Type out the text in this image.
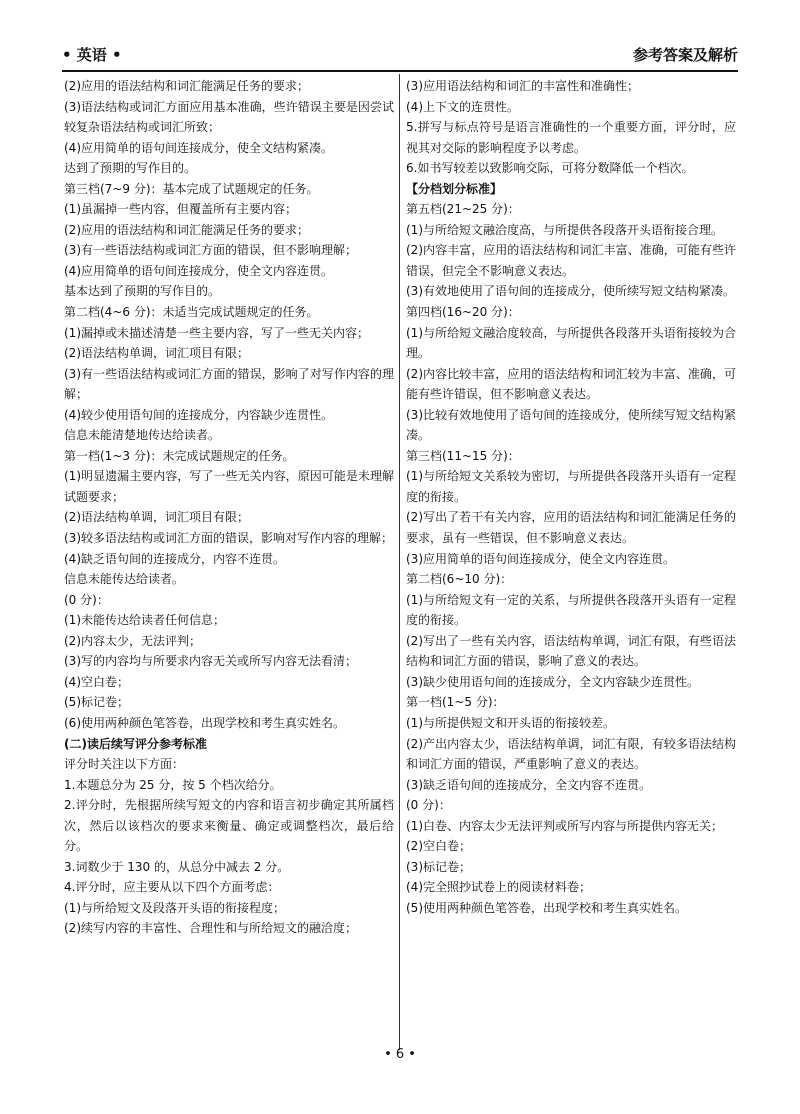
• 英语 •	参考答案及解析

(2)应用的语法结构和词汇能满足任务的要求；

(3)语法结构或词汇方面应用基本准确，些许错误主要是因尝试较复杂语法结构或词汇所致；

(4)应用简单的语句间连接成分，使全文结构紧凑。

达到了预期的写作目的。

第三档(7~9 分)：基本完成了试题规定的任务。

(1)虽漏掉一些内容，但覆盖所有主要内容；

(2)应用的语法结构和词汇能满足任务的要求；

(3)有一些语法结构或词汇方面的错误，但不影响理解；

(4)应用简单的语句间连接成分，使全文内容连贯。

基本达到了预期的写作目的。

第二档(4~6 分)：未适当完成试题规定的任务。

(1)漏掉或未描述清楚一些主要内容，写了一些无关内容；

(2)语法结构单调，词汇项目有限；

(3)有一些语法结构或词汇方面的错误，影响了对写作内容的理解；

(4)较少使用语句间的连接成分，内容缺少连贯性。

信息未能清楚地传达给读者。

第一档(1~3 分)：未完成试题规定的任务。

(1)明显遗漏主要内容，写了一些无关内容，原因可能是未理解试题要求；

(2)语法结构单调，词汇项目有限；

(3)较多语法结构或词汇方面的错误，影响对写作内容的理解；

(4)缺乏语句间的连接成分，内容不连贯。

信息未能传达给读者。

(0 分)：

(1)未能传达给读者任何信息；

(2)内容太少，无法评判；

(3)写的内容均与所要求内容无关或所写内容无法看清；

(4)空白卷；

(5)标记卷；

(6)使用两种颜色笔答卷，出现学校和考生真实姓名。

(二)读后续写评分参考标准

评分时关注以下方面：

1.本题总分为 25 分，按 5 个档次给分。

2.评分时，先根据所续写短文的内容和语言初步确定其所属档次，然后以该档次的要求来衡量、确定或调整档次，最后给分。

3.词数少于 130 的，从总分中减去 2 分。

4.评分时，应主要从以下四个方面考虑：

(1)与所给短文及段落开头语的衔接程度；

(2)续写内容的丰富性、合理性和与所给短文的融洽度；

(3)应用语法结构和词汇的丰富性和准确性；

(4)上下文的连贯性。

5.拼写与标点符号是语言准确性的一个重要方面，评分时，应视其对交际的影响程度予以考虑。

6.如书写较差以致影响交际，可将分数降低一个档次。

【分档划分标准】

第五档(21~25 分)：

(1)与所给短文融洽度高，与所提供各段落开头语衔接合理。

(2)内容丰富，应用的语法结构和词汇丰富、准确，可能有些许错误，但完全不影响意义表达。

(3)有效地使用了语句间的连接成分，使所续写短文结构紧凑。

第四档(16~20 分)：

(1)与所给短文融洽度较高，与所提供各段落开头语衔接较为合理。

(2)内容比较丰富，应用的语法结构和词汇较为丰富、准确，可能有些许错误，但不影响意义表达。

(3)比较有效地使用了语句间的连接成分，使所续写短文结构紧凑。

第三档(11~15 分)：

(1)与所给短文关系较为密切，与所提供各段落开头语有一定程度的衔接。

(2)写出了若干有关内容，应用的语法结构和词汇能满足任务的要求，虽有一些错误，但不影响意义表达。

(3)应用简单的语句间连接成分，使全文内容连贯。

第二档(6~10 分)：

(1)与所给短文有一定的关系，与所提供各段落开头语有一定程度的衔接。

(2)写出了一些有关内容，语法结构单调，词汇有限，有些语法结构和词汇方面的错误，影响了意义的表达。

(3)缺少使用语句间的连接成分，全文内容缺少连贯性。

第一档(1~5 分)：

(1)与所提供短文和开头语的衔接较差。

(2)产出内容太少，语法结构单调，词汇有限，有较多语法结构和词汇方面的错误，严重影响了意义的表达。

(3)缺乏语句间的连接成分，全文内容不连贯。

(0 分)：

(1)白卷、内容太少无法评判或所写内容与所提供内容无关；

(2)空白卷；

(3)标记卷；

(4)完全照抄试卷上的阅读材料卷；

(5)使用两种颜色笔答卷，出现学校和考生真实姓名。

• 6 •
